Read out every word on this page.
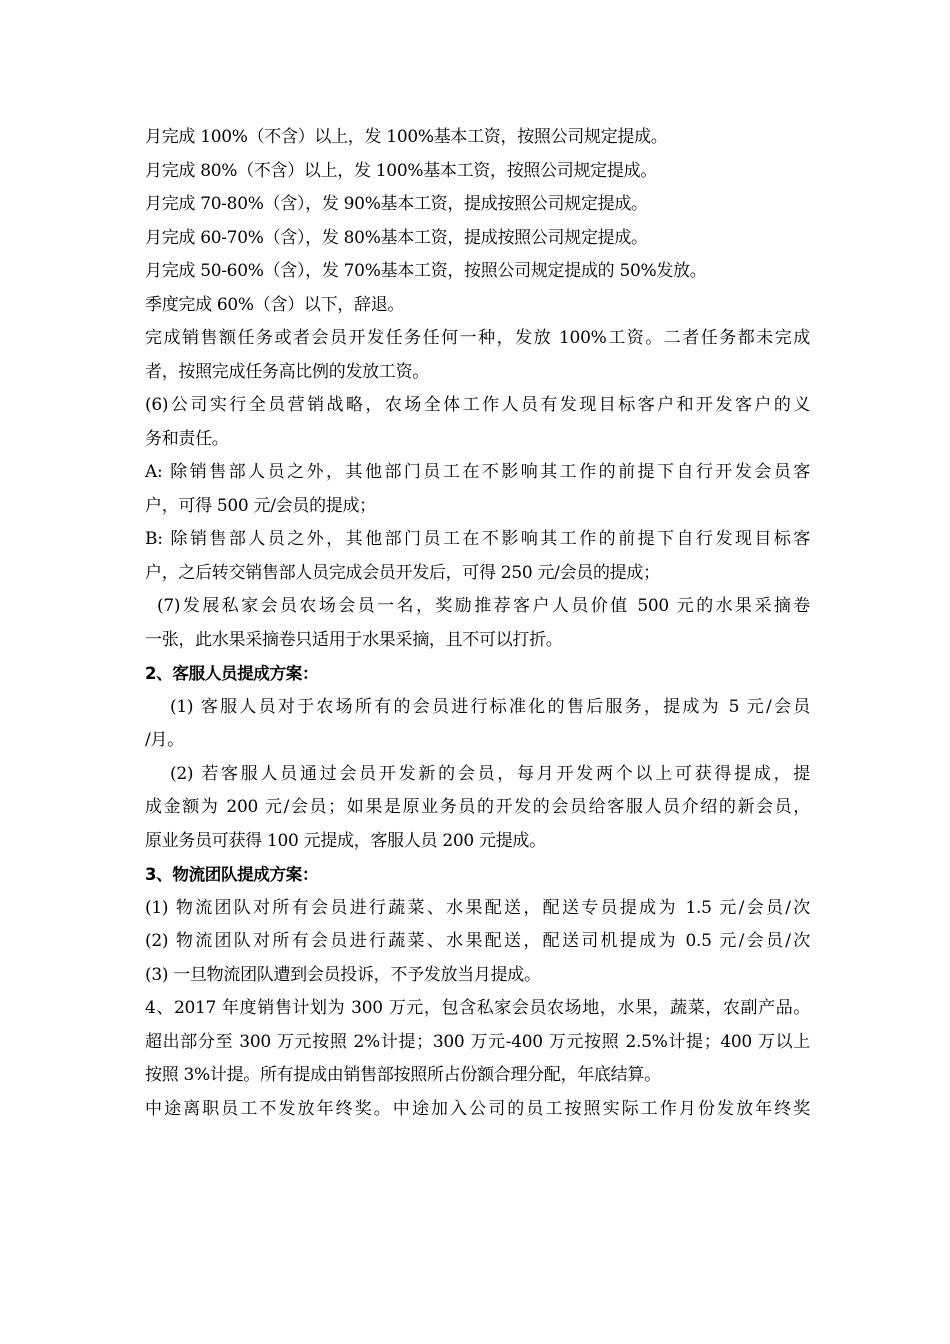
月完成 100%（不含）以上，发 100%基本工资，按照公司规定提成。
月完成 80%（不含）以上，发 100%基本工资，按照公司规定提成。
月完成 70-80%（含），发 90%基本工资，提成按照公司规定提成。
月完成 60-70%（含），发 80%基本工资，提成按照公司规定提成。
月完成 50-60%（含），发 70%基本工资，按照公司规定提成的 50%发放。
季度完成 60%（含）以下，辞退。
完成销售额任务或者会员开发任务任何一种，发放 100%工资。二者任务都未完成
者，按照完成任务高比例的发放工资。
(6)公司实行全员营销战略，农场全体工作人员有发现目标客户和开发客户的义
务和责任。
A: 除销售部人员之外，其他部门员工在不影响其工作的前提下自行开发会员客
户，可得 500 元/会员的提成；
B: 除销售部人员之外，其他部门员工在不影响其工作的前提下自行发现目标客
户，之后转交销售部人员完成会员开发后，可得 250 元/会员的提成；
(7)发展私家会员农场会员一名，奖励推荐客户人员价值 500 元的水果采摘卷
一张，此水果采摘卷只适用于水果采摘，且不可以打折。
2、客服人员提成方案：
(1) 客服人员对于农场所有的会员进行标准化的售后服务，提成为 5 元/会员
/月。
(2) 若客服人员通过会员开发新的会员，每月开发两个以上可获得提成，提
成金额为 200 元/会员；如果是原业务员的开发的会员给客服人员介绍的新会员，
原业务员可获得 100 元提成，客服人员 200 元提成。
3、物流团队提成方案：
(1) 物流团队对所有会员进行蔬菜、水果配送，配送专员提成为 1.5 元/会员/次
(2) 物流团队对所有会员进行蔬菜、水果配送，配送司机提成为 0.5 元/会员/次
(3) 一旦物流团队遭到会员投诉，不予发放当月提成。
4、2017 年度销售计划为 300 万元，包含私家会员农场地，水果，蔬菜，农副产品。
超出部分至 300 万元按照 2%计提；300 万元-400 万元按照 2.5%计提；400 万以上
按照 3%计提。所有提成由销售部按照所占份额合理分配，年底结算。
中途离职员工不发放年终奖。中途加入公司的员工按照实际工作月份发放年终奖
